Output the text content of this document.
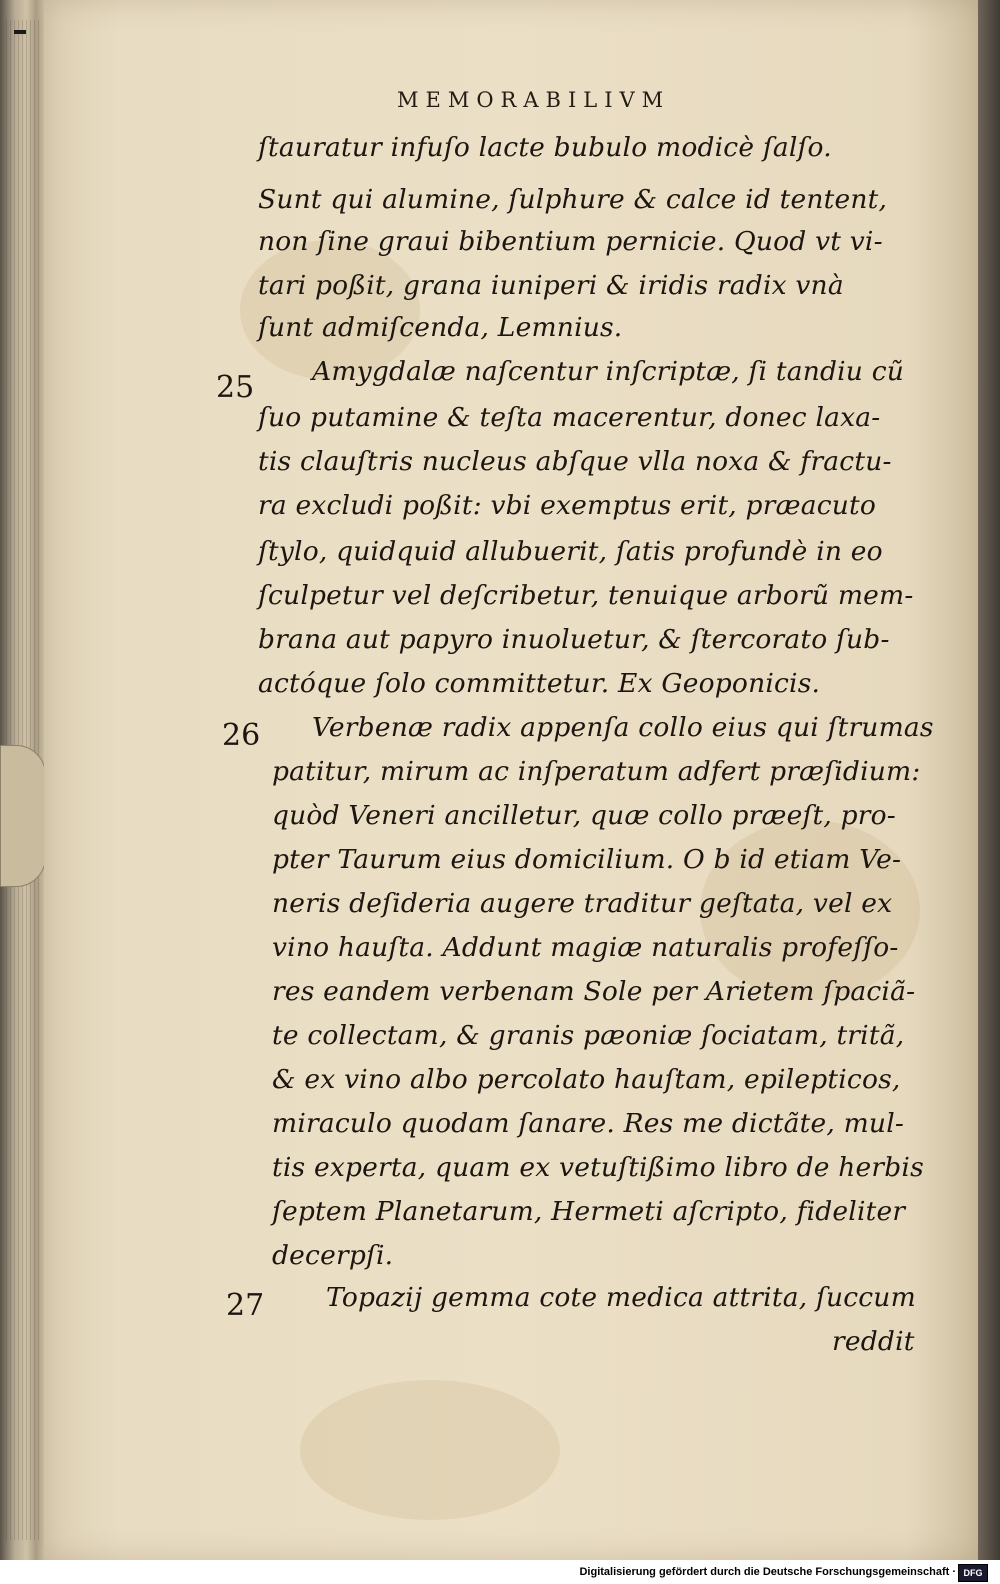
MEMORABILIVM
ſtauratur infuſo lacte bubulo modicè ſalſo.
Sunt qui alumine, ſulphure & calce id tentent,
non ſine graui bibentium pernicie. Quod vt vi-
tari poßit, grana iuniperi & iridis radix vnà
ſunt admiſcenda, Lemnius.
25 Amygdalæ naſcentur inſcriptæ, ſi tandiu cũ
ſuo putamine & teſta macerentur, donec laxa-
tis clauſtris nucleus abſque vlla noxa & fractu-
ra excludi poßit: vbi exemptus erit, præacuto
ſtylo, quidquid allubuerit, ſatis profundè in eo
ſculpetur vel deſcribetur, tenuique arborũ mem-
brana aut papyro inuoluetur, & ſtercorato ſub-
actóque ſolo committetur. Ex Geoponicis.
26 Verbenæ radix appenſa collo eius qui ſtrumas
patitur, mirum ac inſperatum adfert præſidium:
quòd Veneri ancilletur, quæ collo præeſt, pro-
pter Taurum eius domicilium. O b id etiam Ve-
neris deſideria augere traditur geſtata, vel ex
vino hauſta. Addunt magiæ naturalis profeſſo-
res eandem verbenam Sole per Arietem ſpaciã-
te collectam, & granis pæoniæ ſociatam, tritã,
& ex vino albo percolato hauſtam, epilepticos,
miraculo quodam ſanare. Res me dictãte, mul-
tis experta, quam ex vetuſtißimo libro de herbis
ſeptem Planetarum, Hermeti aſcripto, fideliter
decerpſi.
27 Topazij gemma cote medica attrita, ſuccum
reddit
Digitalisierung gefördert durch die Deutsche Forschungsgemeinschaft · DFG
